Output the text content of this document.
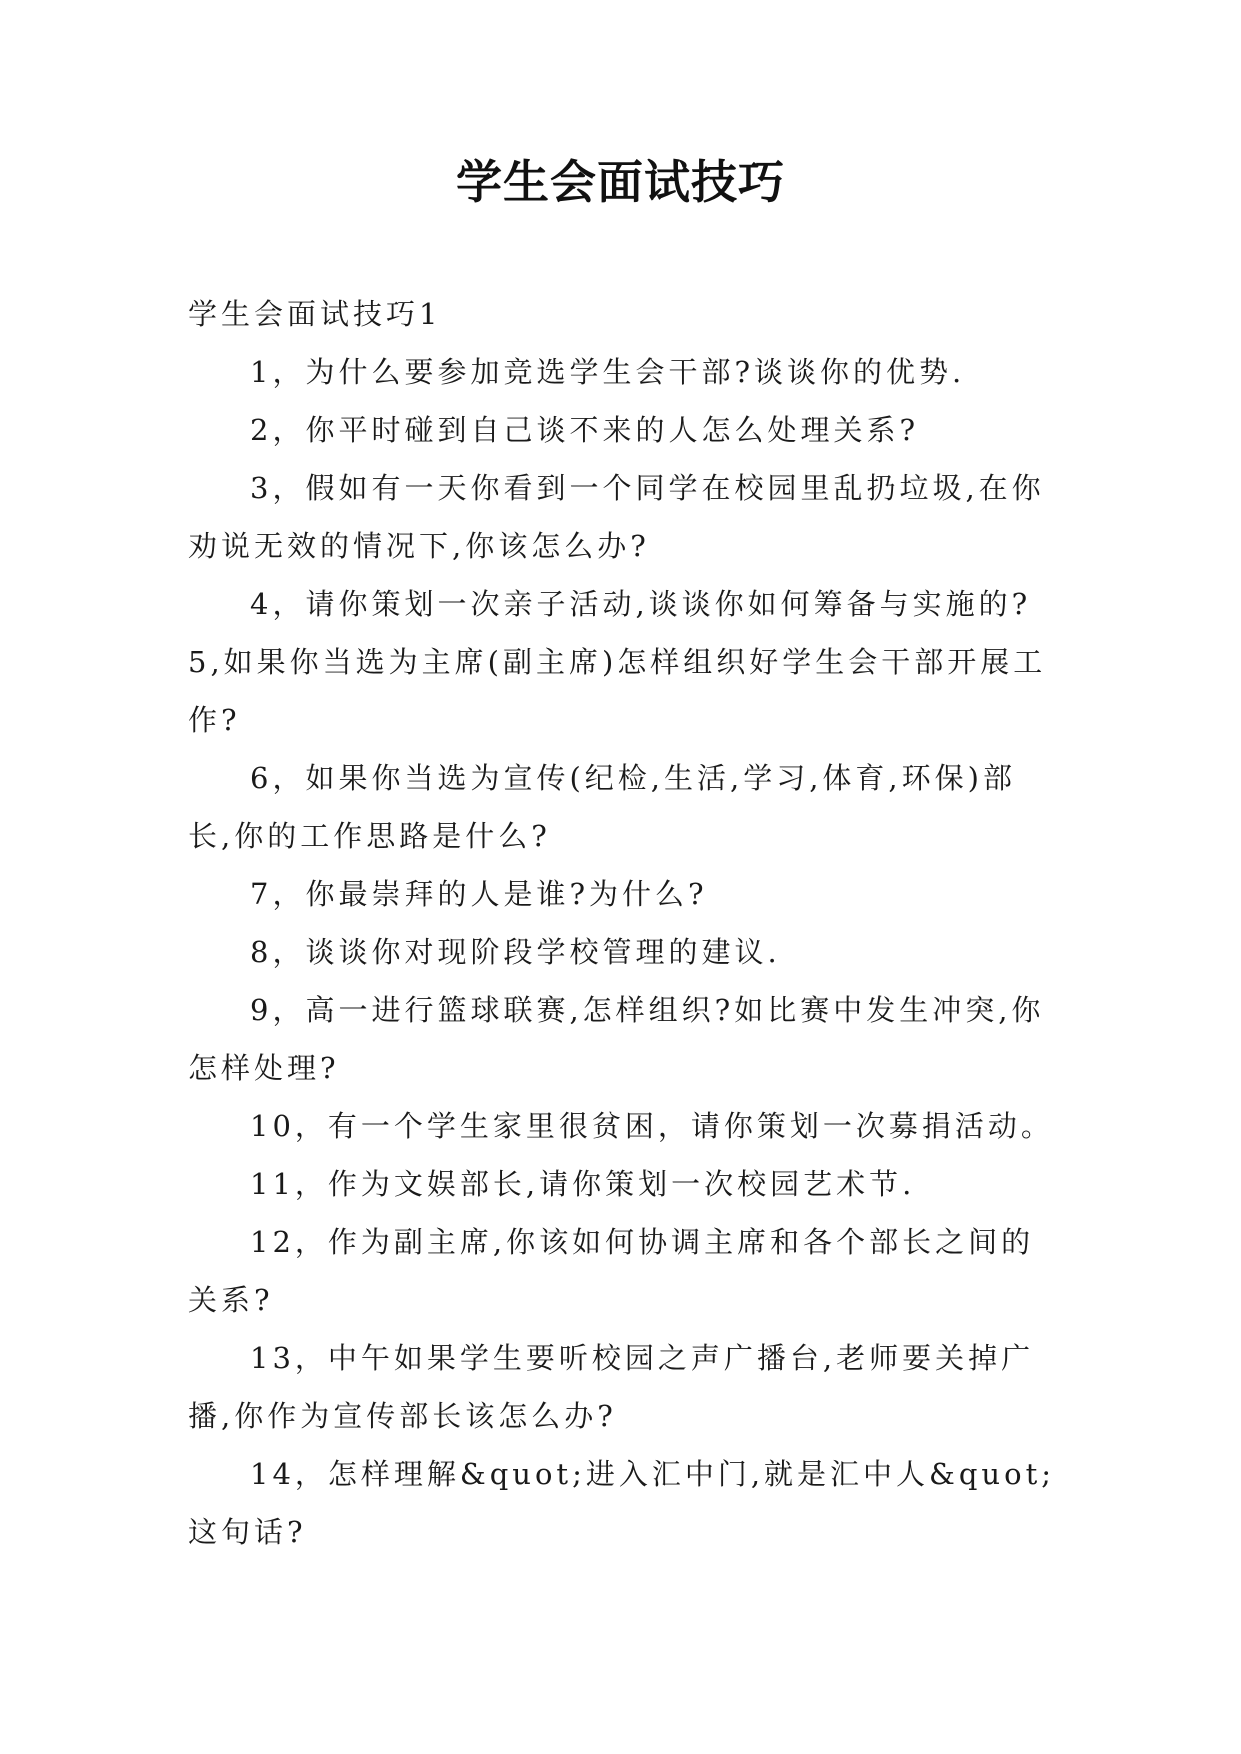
学生会面试技巧

学生会面试技巧1

1，为什么要参加竞选学生会干部?谈谈你的优势.

2，你平时碰到自己谈不来的人怎么处理关系?

3，假如有一天你看到一个同学在校园里乱扔垃圾,在你劝说无效的情况下,你该怎么办?

4，请你策划一次亲子活动,谈谈你如何筹备与实施的?

5,如果你当选为主席(副主席)怎样组织好学生会干部开展工作?

6，如果你当选为宣传(纪检,生活,学习,体育,环保)部长,你的工作思路是什么?

7，你最崇拜的人是谁?为什么?

8，谈谈你对现阶段学校管理的建议.

9，高一进行篮球联赛,怎样组织?如比赛中发生冲突,你怎样处理?

10，有一个学生家里很贫困，请你策划一次募捐活动。

11，作为文娱部长,请你策划一次校园艺术节.

12，作为副主席,你该如何协调主席和各个部长之间的关系?

13，中午如果学生要听校园之声广播台,老师要关掉广播,你作为宣传部长该怎么办?

14，怎样理解&quot;进入汇中门,就是汇中人&quot;这句话?
